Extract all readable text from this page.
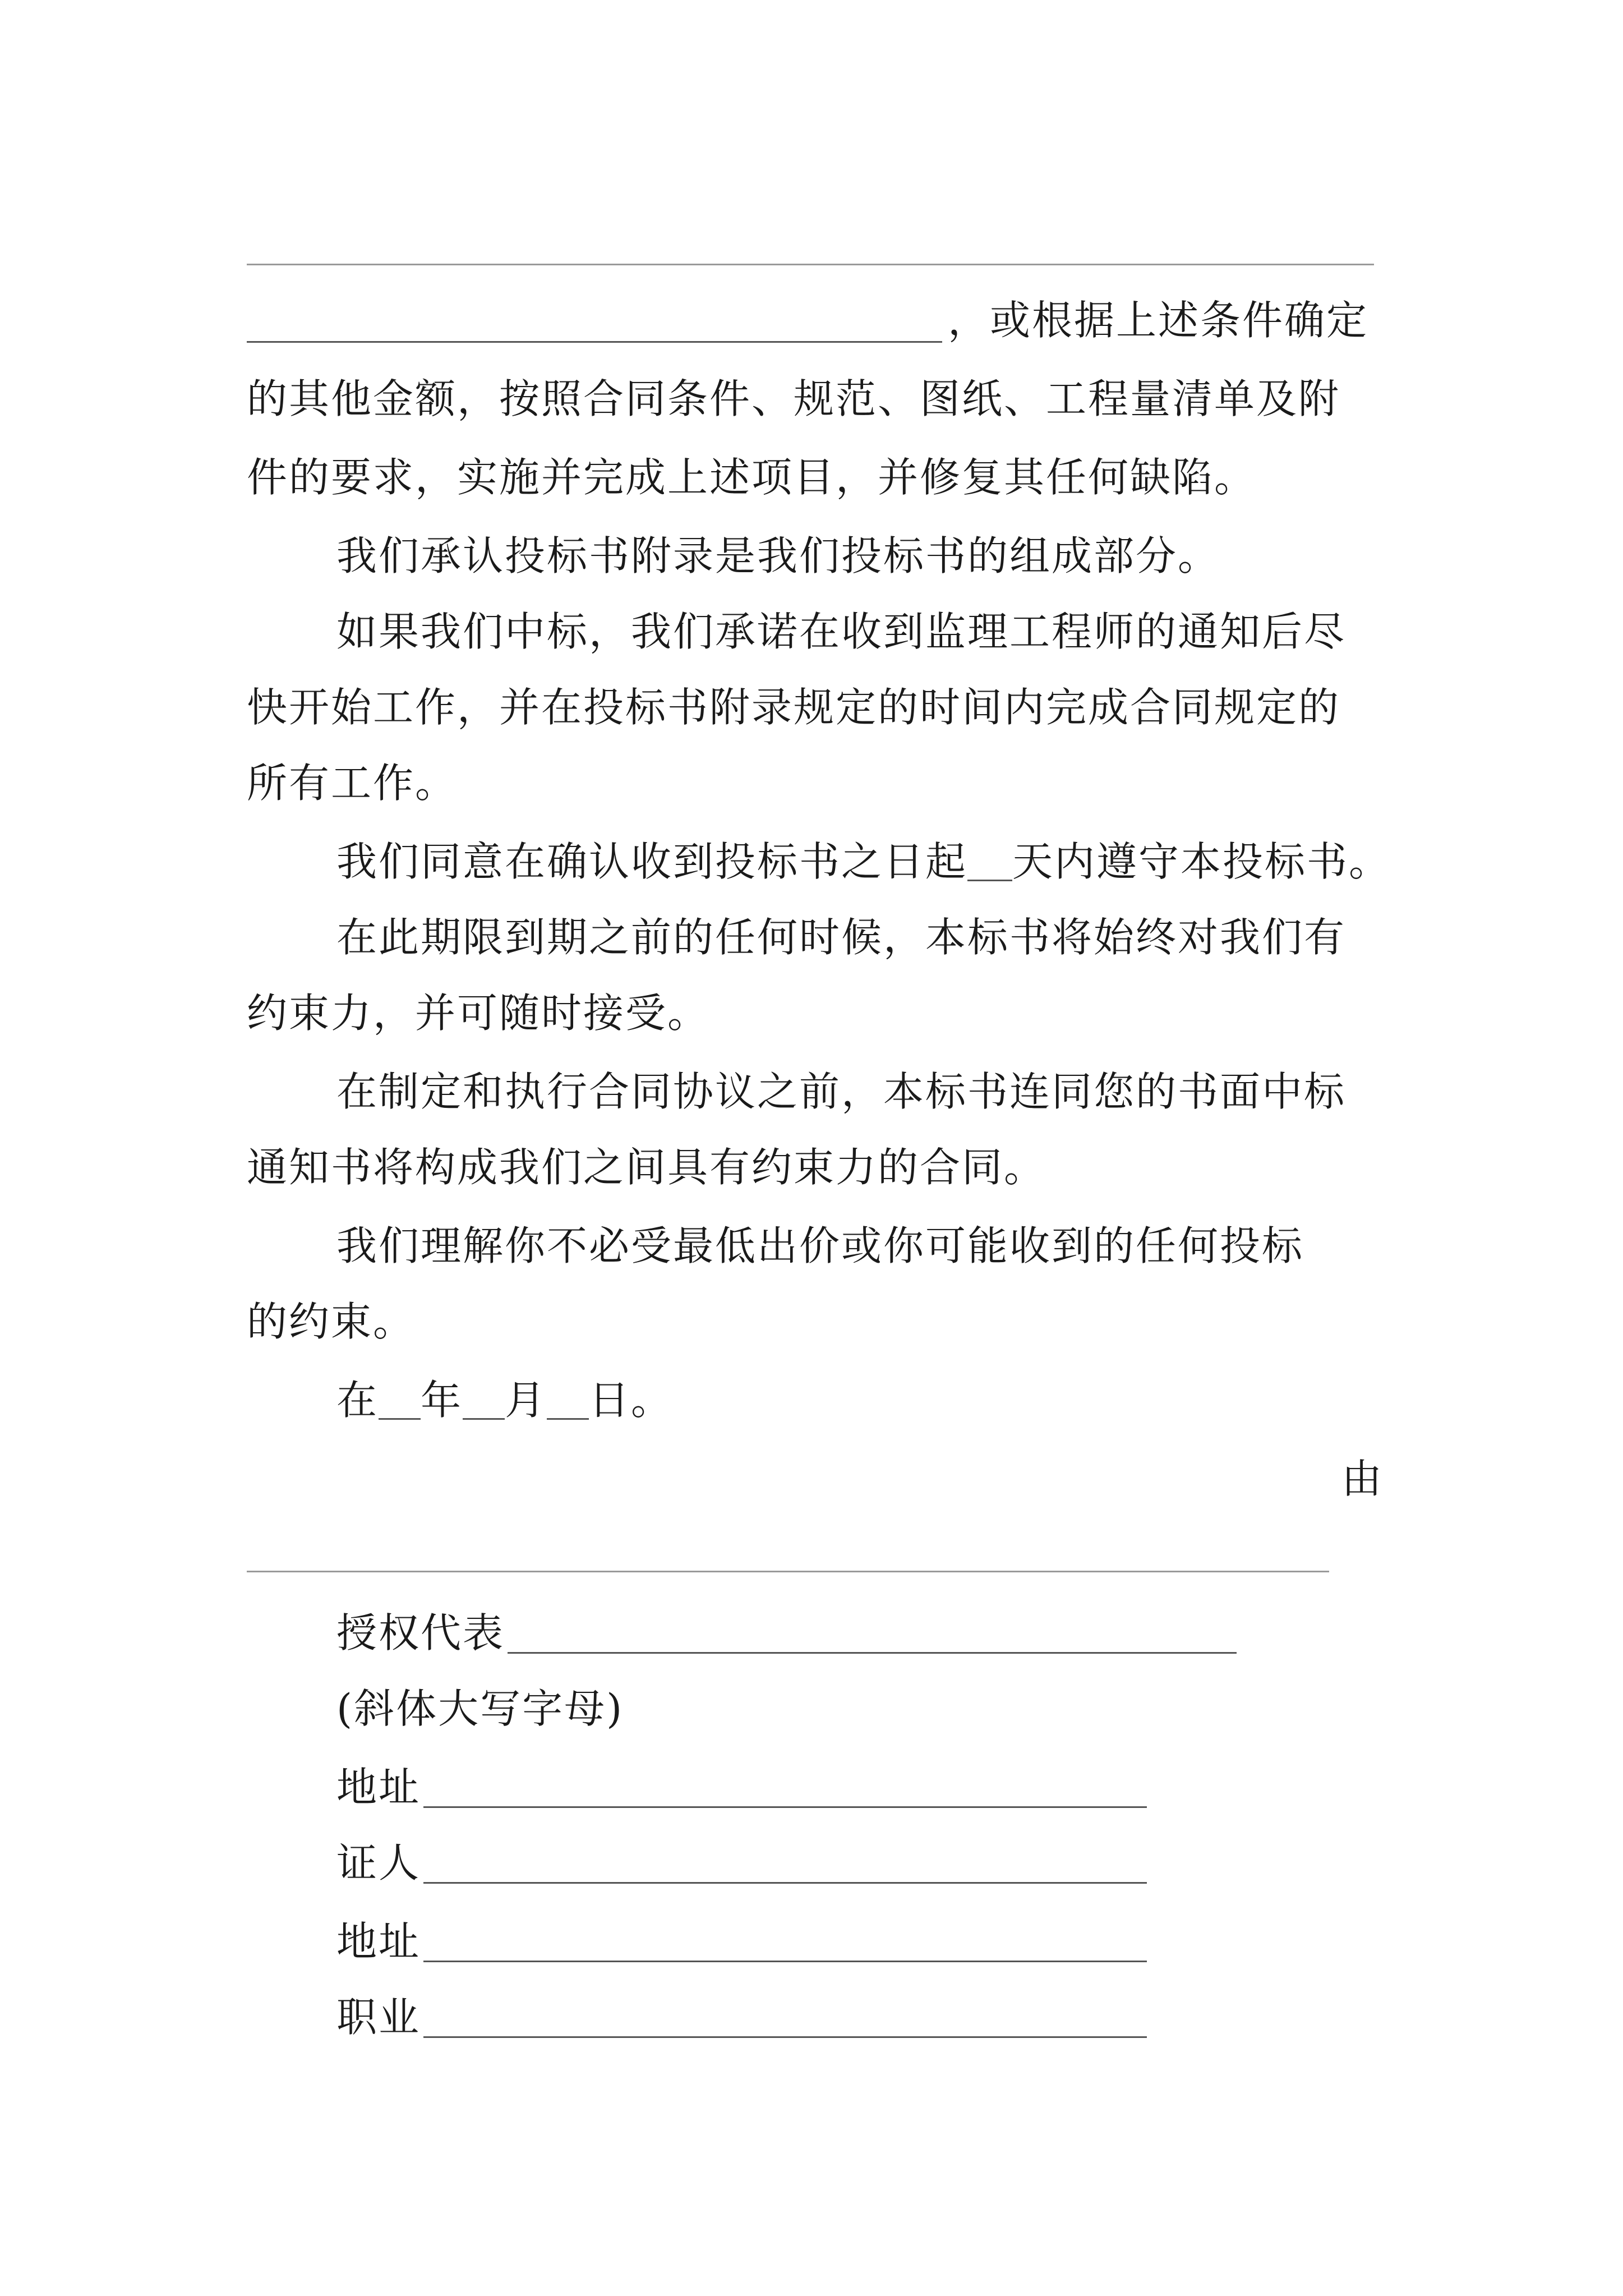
，或根据上述条件确定
的其他金额，按照合同条件、规范、图纸、工程量清单及附
件的要求，实施并完成上述项目，并修复其任何缺陷。
我们承认投标书附录是我们投标书的组成部分。
如果我们中标，我们承诺在收到监理工程师的通知后尽
快开始工作，并在投标书附录规定的时间内完成合同规定的
所有工作。
我们同意在确认收到投标书之日起 天内遵守本投标书。
在此期限到期之前的任何时候，本标书将始终对我们有
约束力，并可随时接受。
在制定和执行合同协议之前，本标书连同您的书面中标
通知书将构成我们之间具有约束力的合同。
我们理解你不必受最低出价或你可能收到的任何投标
的约束。
在 年 月 日。
由
授权代表
(斜体大写字母)
地址
证人
地址
职业
